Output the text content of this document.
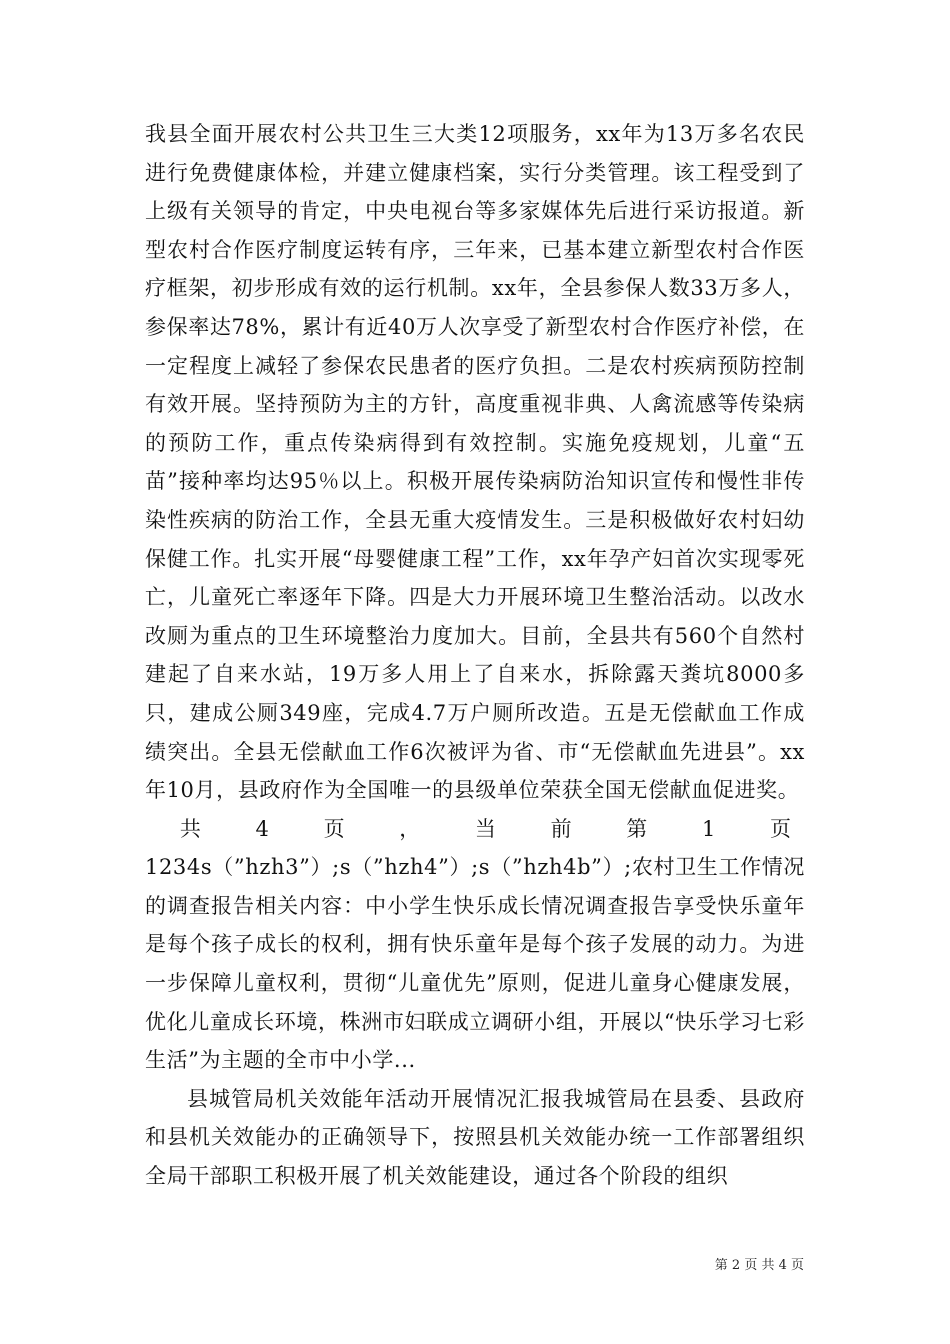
我县全面开展农村公共卫生三大类12项服务，xx年为13万多名农民进行免费健康体检，并建立健康档案，实行分类管理。该工程受到了上级有关领导的肯定，中央电视台等多家媒体先后进行采访报道。新型农村合作医疗制度运转有序，三年来，已基本建立新型农村合作医疗框架，初步形成有效的运行机制。xx年，全县参保人数33万多人，参保率达78%，累计有近40万人次享受了新型农村合作医疗补偿，在一定程度上减轻了参保农民患者的医疗负担。二是农村疾病预防控制有效开展。坚持预防为主的方针，高度重视非典、人禽流感等传染病的预防工作，重点传染病得到有效控制。实施免疫规划，儿童“五苗”接种率均达95％以上。积极开展传染病防治知识宣传和慢性非传染性疾病的防治工作，全县无重大疫情发生。三是积极做好农村妇幼保健工作。扎实开展“母婴健康工程”工作，xx年孕产妇首次实现零死亡，儿童死亡率逐年下降。四是大力开展环境卫生整治活动。以改水改厕为重点的卫生环境整治力度加大。目前，全县共有560个自然村建起了自来水站，19万多人用上了自来水，拆除露天粪坑8000多只，建成公厕349座，完成4.7万户厕所改造。五是无偿献血工作成绩突出。全县无偿献血工作6次被评为省、市“无偿献血先进县”。xx年10月，县政府作为全国唯一的县级单位荣获全国无偿献血促进奖。

共 4 页 ， 当 前 第 1 页

1234s（”hzh3”）;s（”hzh4”）;s（”hzh4b”）;农村卫生工作情况的调查报告相关内容：中小学生快乐成长情况调查报告享受快乐童年是每个孩子成长的权利，拥有快乐童年是每个孩子发展的动力。为进一步保障儿童权利，贯彻“儿童优先”原则，促进儿童身心健康发展，优化儿童成长环境，株洲市妇联成立调研小组，开展以“快乐学习七彩生活”为主题的全市中小学...

县城管局机关效能年活动开展情况汇报我城管局在县委、县政府和县机关效能办的正确领导下，按照县机关效能办统一工作部署组织全局干部职工积极开展了机关效能建设，通过各个阶段的组织

第 2 页 共 4 页
